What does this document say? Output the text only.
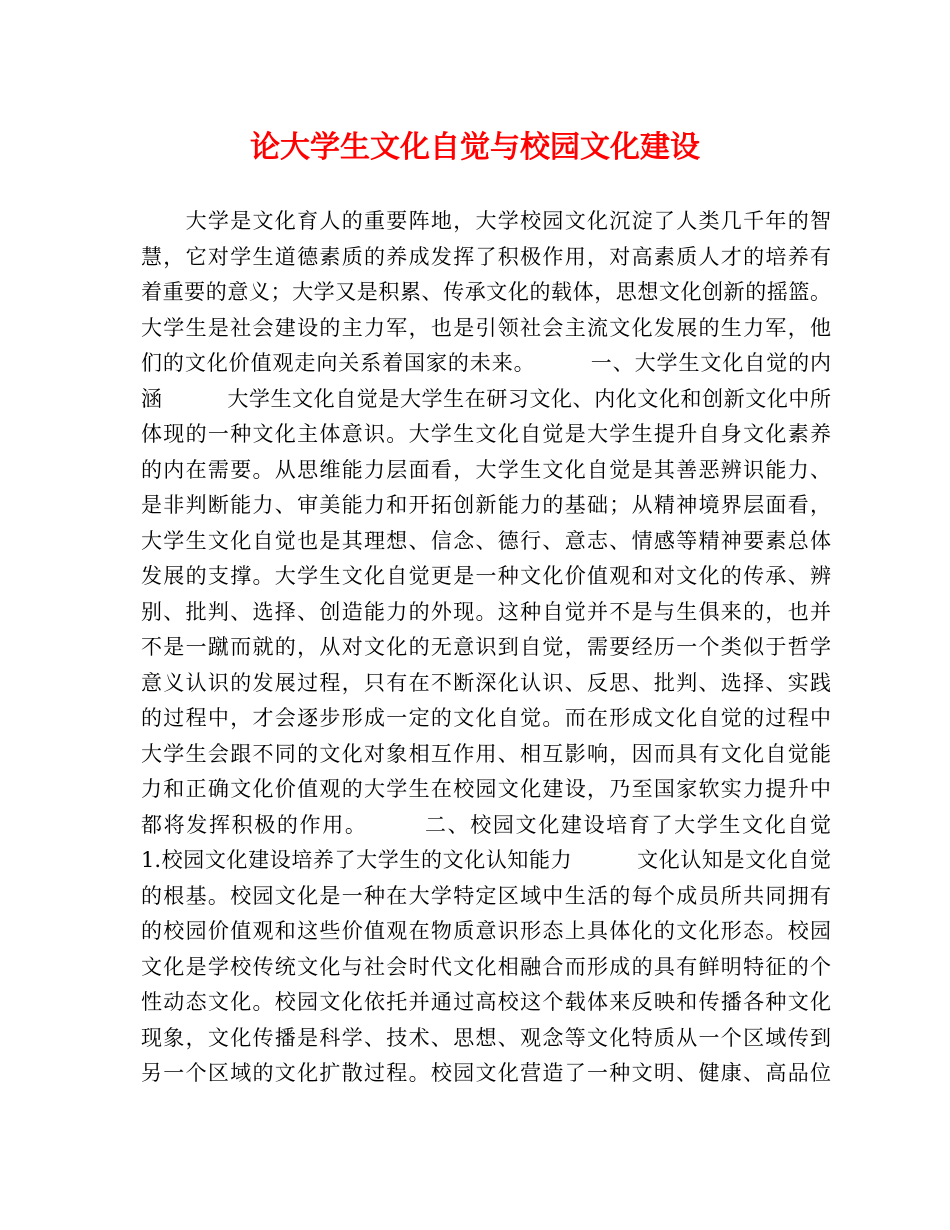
论大学生文化自觉与校园文化建设
　　大学是文化育人的重要阵地，大学校园文化沉淀了人类几千年的智
慧，它对学生道德素质的养成发挥了积极作用，对高素质人才的培养有
着重要的意义；大学又是积累、传承文化的载体，思想文化创新的摇篮。
大学生是社会建设的主力军，也是引领社会主流文化发展的生力军，他
们的文化价值观走向关系着国家的未来。　　　一、大学生文化自觉的内
涵　　　大学生文化自觉是大学生在研习文化、内化文化和创新文化中所
体现的一种文化主体意识。大学生文化自觉是大学生提升自身文化素养
的内在需要。从思维能力层面看，大学生文化自觉是其善恶辨识能力、
是非判断能力、审美能力和开拓创新能力的基础；从精神境界层面看，
大学生文化自觉也是其理想、信念、德行、意志、情感等精神要素总体
发展的支撑。大学生文化自觉更是一种文化价值观和对文化的传承、辨
别、批判、选择、创造能力的外现。这种自觉并不是与生俱来的，也并
不是一蹴而就的，从对文化的无意识到自觉，需要经历一个类似于哲学
意义认识的发展过程，只有在不断深化认识、反思、批判、选择、实践
的过程中，才会逐步形成一定的文化自觉。而在形成文化自觉的过程中
大学生会跟不同的文化对象相互作用、相互影响，因而具有文化自觉能
力和正确文化价值观的大学生在校园文化建设，乃至国家软实力提升中
都将发挥积极的作用。　　　二、校园文化建设培育了大学生文化自觉
1.校园文化建设培养了大学生的文化认知能力　　　文化认知是文化自觉
的根基。校园文化是一种在大学特定区域中生活的每个成员所共同拥有
的校园价值观和这些价值观在物质意识形态上具体化的文化形态。校园
文化是学校传统文化与社会时代文化相融合而形成的具有鲜明特征的个
性动态文化。校园文化依托并通过高校这个载体来反映和传播各种文化
现象，文化传播是科学、技术、思想、观念等文化特质从一个区域传到
另一个区域的文化扩散过程。校园文化营造了一种文明、健康、高品位
